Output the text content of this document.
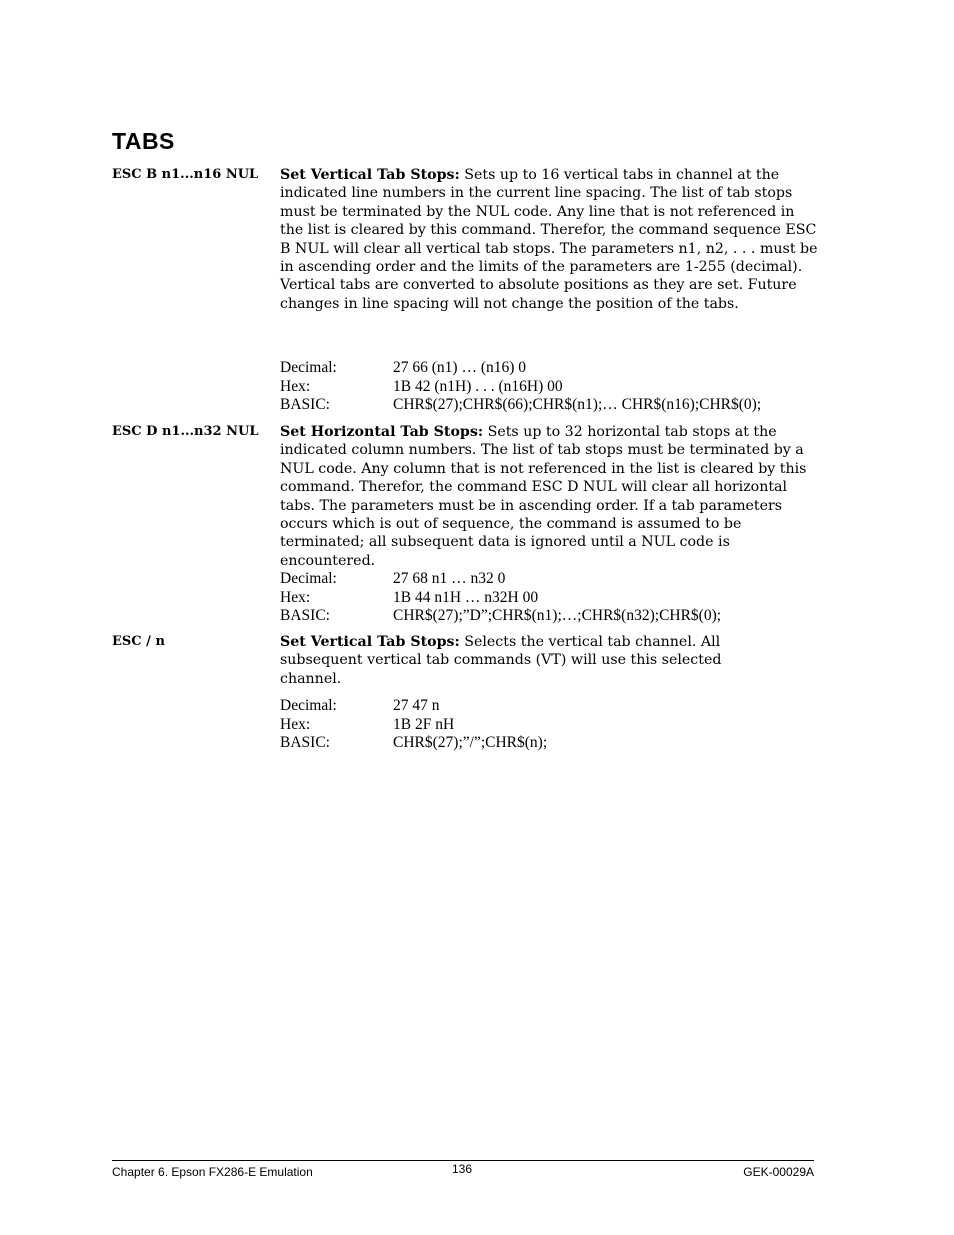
TABS
ESC B n1...n16 NUL	Set Vertical Tab Stops: Sets up to 16 vertical tabs in channel at the indicated line numbers in the current line spacing. The list of tab stops must be terminated by the NUL code. Any line that is not referenced in the list is cleared by this command. Therefor, the command sequence ESC B NUL will clear all vertical tab stops. The parameters n1, n2, . . . must be in ascending order and the limits of the parameters are 1-255 (decimal).

Vertical tabs are converted to absolute positions as they are set. Future changes in line spacing will not change the position of the tabs.

Decimal:	27 66 (n1) … (n16) 0
Hex:	1B 42 (n1H) . . . (n16H) 00
BASIC:	CHR$(27);CHR$(66);CHR$(n1);… CHR$(n16);CHR$(0);
ESC D n1...n32 NUL	Set Horizontal Tab Stops: Sets up to 32 horizontal tab stops at the indicated column numbers. The list of tab stops must be terminated by a NUL code. Any column that is not referenced in the list is cleared by this command. Therefor, the command ESC D NUL will clear all horizontal tabs. The parameters must be in ascending order. If a tab parameters occurs which is out of sequence, the command is assumed to be terminated; all subsequent data is ignored until a NUL code is encountered.

Decimal:	27 68 n1 … n32 0
Hex:	1B 44 n1H … n32H 00
BASIC:	CHR$(27);”D”;CHR$(n1);…;CHR$(n32);CHR$(0);
ESC / n	Set Vertical Tab Stops: Selects the vertical tab channel. All subsequent vertical tab commands (VT) will use this selected channel.

Decimal:	27 47 n
Hex:	1B 2F nH
BASIC:	CHR$(27);”/”;CHR$(n);
Chapter 6. Epson FX286-E Emulation	136	GEK-00029A
